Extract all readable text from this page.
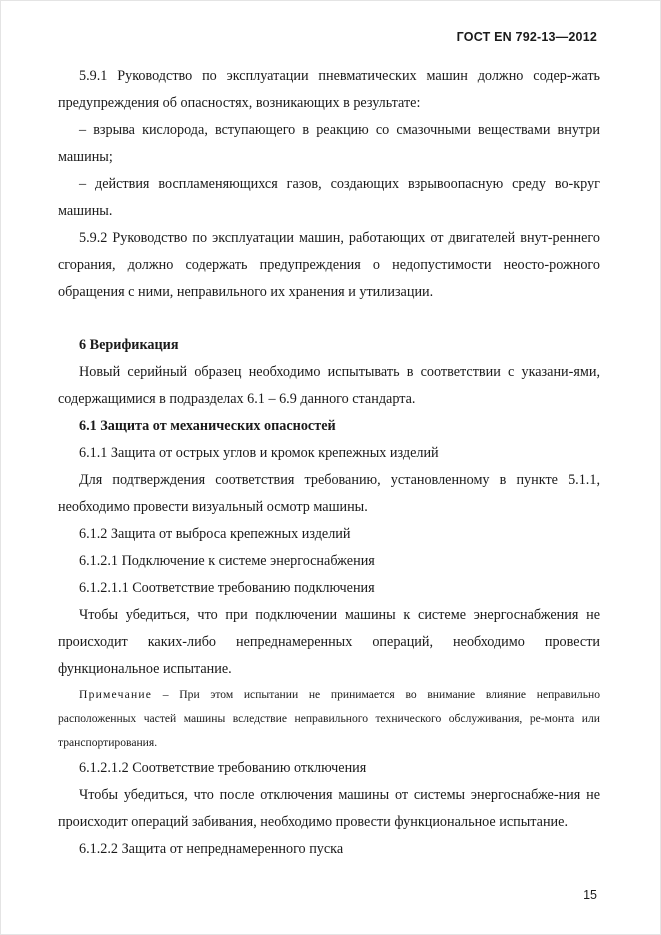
ГОСТ EN 792-13—2012

5.9.1 Руководство по эксплуатации пневматических машин должно содер-жать предупреждения об опасностях, возникающих в результате:

– взрыва кислорода, вступающего в реакцию со смазочными веществами внутри машины;

– действия воспламеняющихся газов, создающих взрывоопасную среду во-круг машины.

5.9.2 Руководство по эксплуатации машин, работающих от двигателей внут-реннего сгорания, должно содержать предупреждения о недопустимости неосто-рожного обращения с ними, неправильного их хранения и утилизации.

6 Верификация

Новый серийный образец необходимо испытывать в соответствии с указани-ями, содержащимися в подразделах 6.1 – 6.9 данного стандарта.

6.1 Защита от механических опасностей

6.1.1 Защита от острых углов и кромок крепежных изделий

Для подтверждения соответствия требованию, установленному в пункте 5.1.1, необходимо провести визуальный осмотр машины.

6.1.2 Защита от выброса крепежных изделий

6.1.2.1 Подключение к системе энергоснабжения

6.1.2.1.1 Соответствие требованию подключения

Чтобы убедиться, что при подключении машины к системе энергоснабжения не происходит каких-либо непреднамеренных операций, необходимо провести функциональное испытание.

Примечание – При этом испытании не принимается во внимание влияние неправильно расположенных частей машины вследствие неправильного технического обслуживания, ре-монта или транспортирования.

6.1.2.1.2 Соответствие требованию отключения

Чтобы убедиться, что после отключения машины от системы энергоснабже-ния не происходит операций забивания, необходимо провести функциональное испытание.

6.1.2.2 Защита от непреднамеренного пуска

15
